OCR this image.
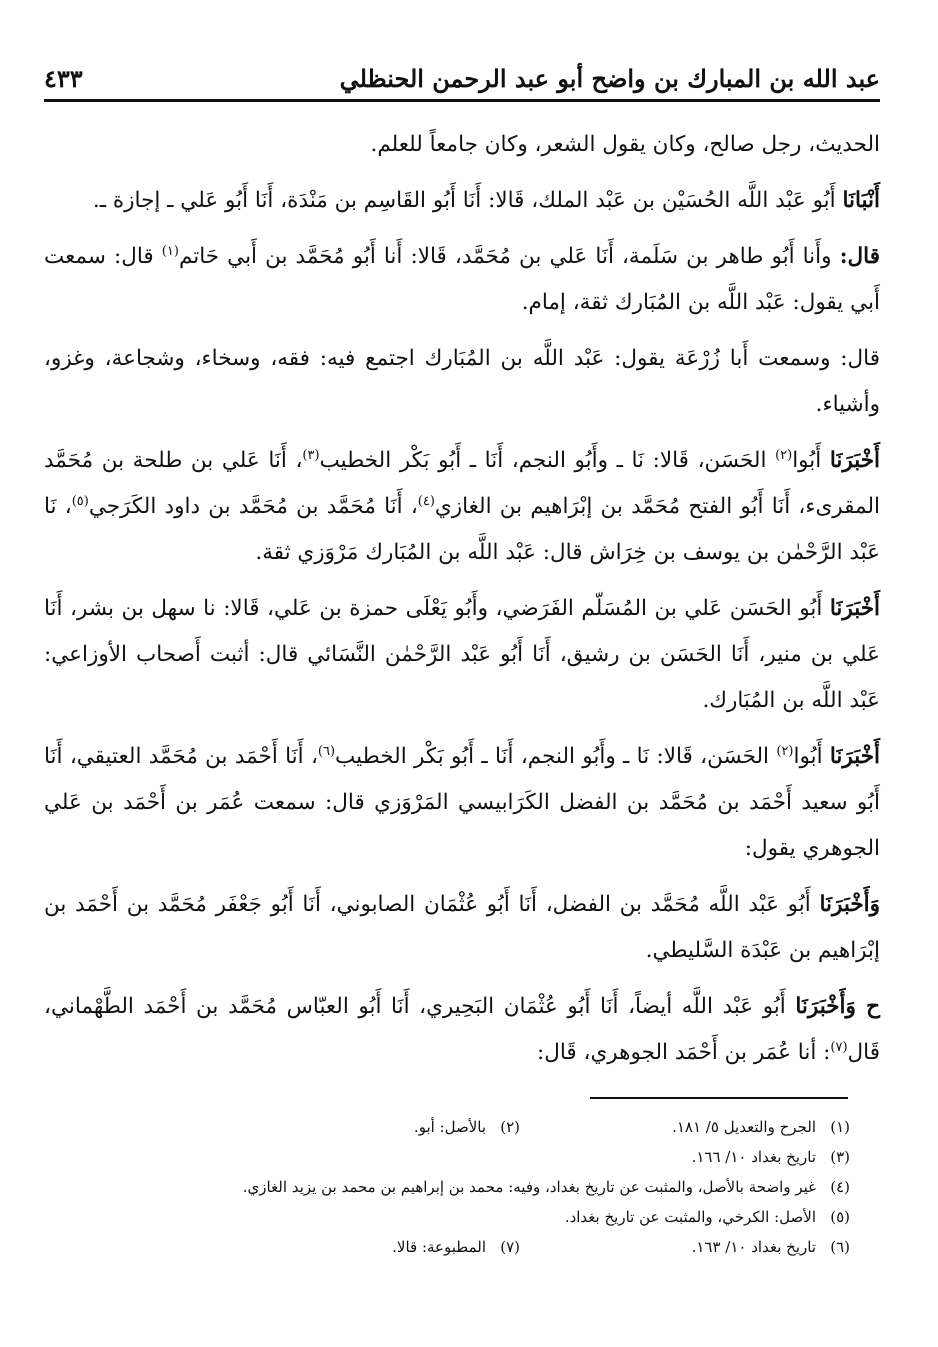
عبد الله بن المبارك بن واضح أبو عبد الرحمن الحنظلي
٤٣٣

الحديث، رجل صالح، وكان يقول الشعر، وكان جامعاً للعلم.

أَنْبَانَا أَبُو عَبْد اللَّه الحُسَيْن بن عَبْد الملك، قَالا: أَنَا أَبُو القَاسِم بن مَنْدَة، أَنَا أَبُو عَلي ـ إجازة ـ.

قال: وأَنا أَبُو طاهر بن سَلَمة، أَنَا عَلي بن مُحَمَّد، قَالا: أَنا أَبُو مُحَمَّد بن أَبي حَاتم$^{(١)}$ قال: سمعت أَبي يقول: عَبْد اللَّه بن المُبَارك ثقة، إمام.

قال: وسمعت أَبا زُرْعَة يقول: عَبْد اللَّه بن المُبَارك اجتمع فيه: فقه، وسخاء، وشجاعة، وغزو، وأشياء.

أَخْبَرَنَا أَبُوا$^{(٢)}$ الحَسَن، قَالا: نَا ـ وأَبُو النجم، أَنَا ـ أَبُو بَكْر الخطيب$^{(٣)}$، أَنَا عَلي بن طلحة بن مُحَمَّد المقرىء، أَنَا أَبُو الفتح مُحَمَّد بن إبْرَاهيم بن الغازي$^{(٤)}$، أَنَا مُحَمَّد بن مُحَمَّد بن داود الكَرَجي$^{(٥)}$، نَا عَبْد الرَّحْمٰن بن يوسف بن خِرَاش قال: عَبْد اللَّه بن المُبَارك مَرْوَزي ثقة.

أَخْبَرَنَا أَبُو الحَسَن عَلي بن المُسَلّم الفَرَضي، وأَبُو يَعْلَى حمزة بن عَلي، قَالا: نا سهل بن بشر، أَنَا عَلي بن منير، أَنَا الحَسَن بن رشيق، أَنَا أَبُو عَبْد الرَّحْمٰن النَّسَائي قال: أثبت أَصحاب الأوزاعي: عَبْد اللَّه بن المُبَارك.

أَخْبَرَنَا أَبُوا$^{(٢)}$ الحَسَن، قَالا: نَا ـ وأَبُو النجم، أَنَا ـ أَبُو بَكْر الخطيب$^{(٦)}$، أَنَا أَحْمَد بن مُحَمَّد العتيقي، أَنَا أَبُو سعيد أَحْمَد بن مُحَمَّد بن الفضل الكَرَابيسي المَرْوَزي قال: سمعت عُمَر بن أَحْمَد بن عَلي الجوهري يقول:

وَأَخْبَرَنَا أَبُو عَبْد اللَّه مُحَمَّد بن الفضل، أَنَا أَبُو عُثْمَان الصابوني، أَنَا أَبُو جَعْفَر مُحَمَّد بن أَحْمَد بن إبْرَاهيم بن عَبْدَة السَّليطي.

ح وَأَخْبَرَنَا أَبُو عَبْد اللَّه أيضاً، أَنَا أَبُو عُثْمَان البَحِيري، أَنَا أَبُو العبّاس مُحَمَّد بن أَحْمَد الطَّهْماني، قَال$^{(٧)}$: أنا عُمَر بن أَحْمَد الجوهري، قَال:

(١)
الجرح والتعديل ٥/ ١٨١.
(٢)
بالأصل: أبو.
(٣)
تاريخ بغداد ١٠/ ١٦٦.
(٤)
غير واضحة بالأصل، والمثبت عن تاريخ بغداد، وفيه: محمد بن إبراهيم بن محمد بن يزيد الغازي.
(٥)
الأصل: الكرخي، والمثبت عن تاريخ بغداد.
(٦)
تاريخ بغداد ١٠/ ١٦٣.
(٧)
المطبوعة: قالا.
